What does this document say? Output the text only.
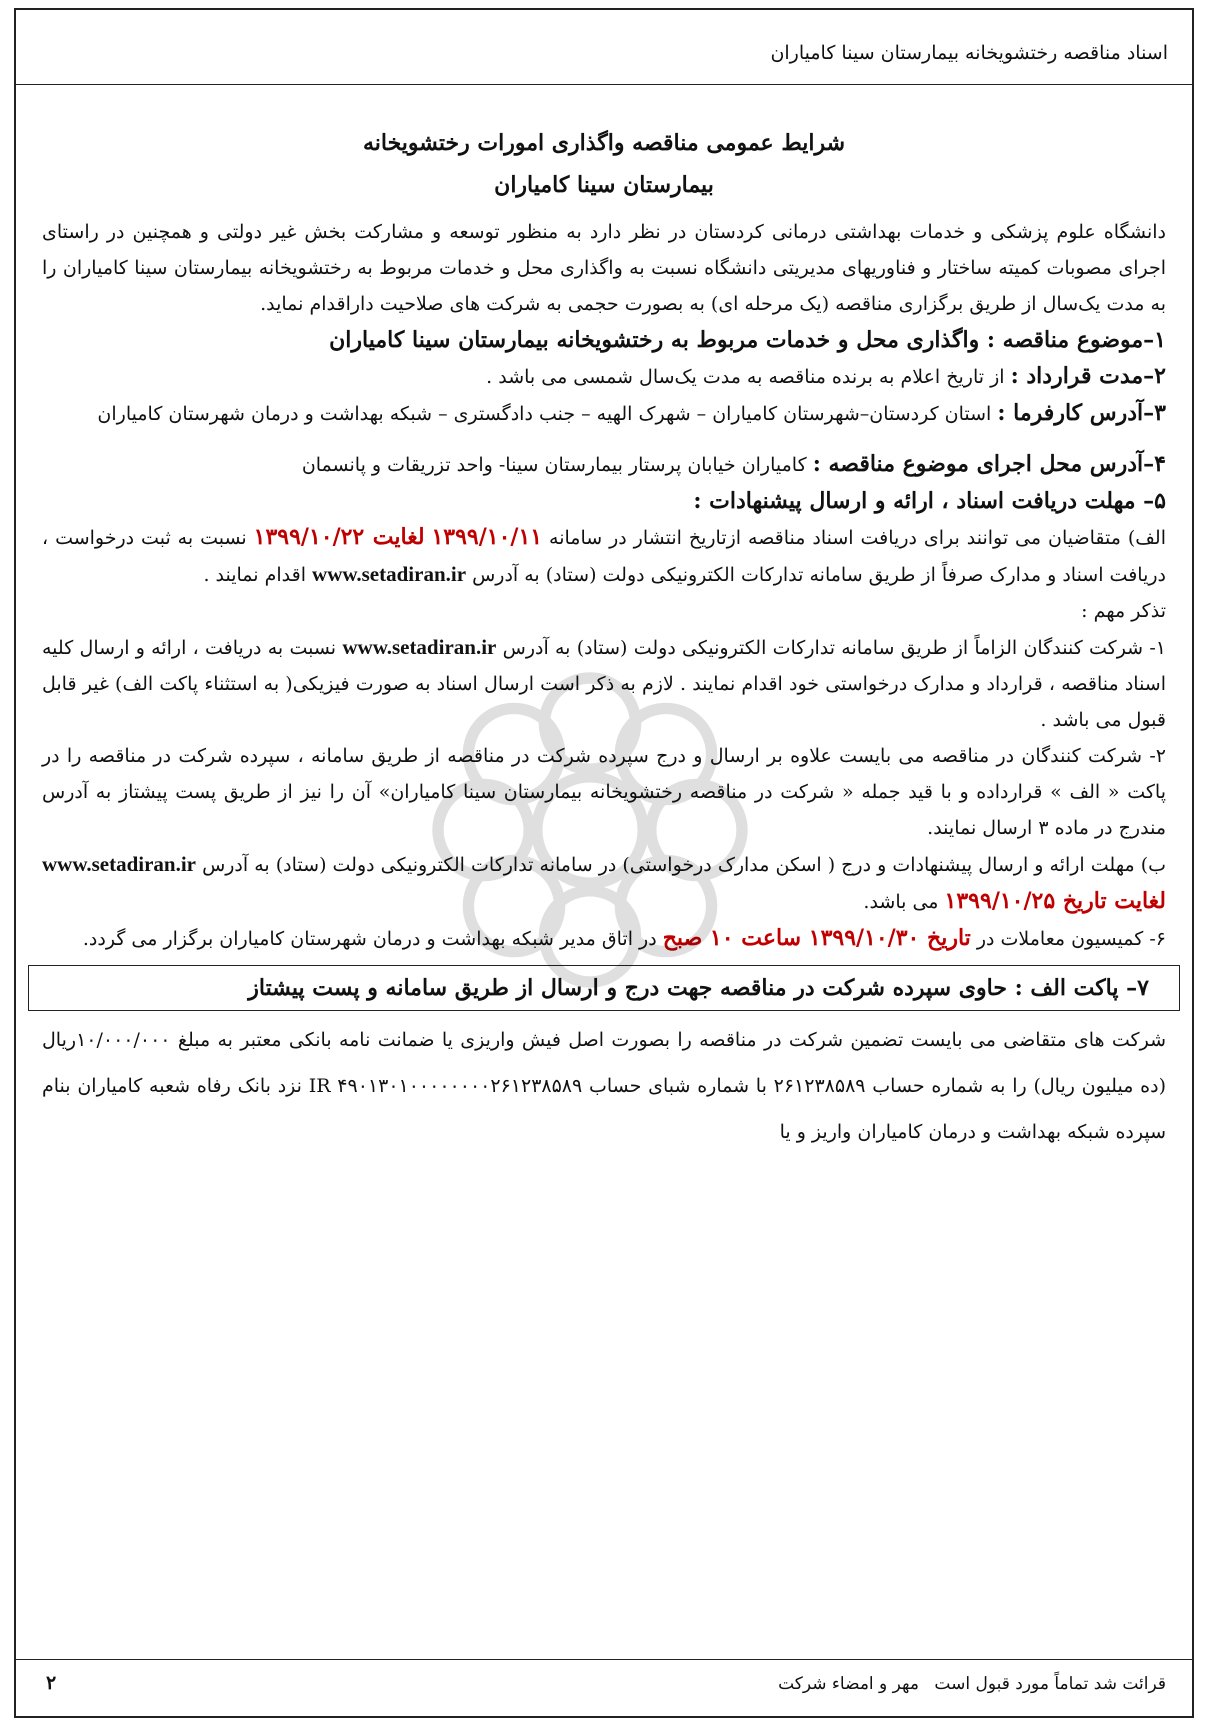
اسناد مناقصه رختشویخانه بیمارستان سینا کامیاران
شرایط عمومی مناقصه واگذاری امورات رختشویخانه
بیمارستان سینا کامیاران

دانشگاه علوم پزشکی و خدمات بهداشتی درمانی کردستان در نظر دارد به منظور توسعه و مشارکت بخش غیر دولتی و همچنین در راستای اجرای مصوبات کمیته ساختار و فناوریهای مدیریتی دانشگاه نسبت به واگذاری محل و خدمات مربوط به رختشویخانه بیمارستان سینا کامیاران را به مدت یک‌سال از طریق برگزاری مناقصه (یک مرحله ای) به بصورت حجمی به شرکت های صلاحیت داراقدام نماید.

۱–موضوع مناقصه : واگذاری محل و خدمات مربوط به رختشویخانه بیمارستان سینا کامیاران

۲–مدت قرارداد : از تاریخ اعلام به برنده مناقصه به مدت یک‌سال شمسی می باشد .

۳–آدرس کارفرما : استان کردستان–شهرستان کامیاران – شهرک الهیه – جنب دادگستری – شبکه بهداشت و درمان شهرستان کامیاران

۴–آدرس محل اجرای موضوع مناقصه : کامیاران خیابان پرستار بیمارستان سینا- واحد تزریقات و پانسمان

۵– مهلت دریافت اسناد ، ارائه و ارسال پیشنهادات :

الف) متقاضیان می توانند برای دریافت اسناد مناقصه ازتاریخ انتشار در سامانه ۱۳۹۹/۱۰/۱۱ لغایت ۱۳۹۹/۱۰/۲۲ نسبت به ثبت درخواست ، دریافت اسناد و مدارک صرفاً از طریق سامانه تدارکات الکترونیکی دولت (ستاد) به آدرس www.setadiran.ir اقدام نمایند .

تذکر مهم :

۱- شرکت کنندگان الزاماً از طریق سامانه تدارکات الکترونیکی دولت (ستاد) به آدرس www.setadiran.ir نسبت به دریافت ، ارائه و ارسال کلیه اسناد مناقصه ، قرارداد و مدارک درخواستی خود اقدام نمایند . لازم به ذکر است ارسال اسناد به صورت فیزیکی( به استثناء پاکت الف) غیر قابل قبول می باشد .

۲- شرکت کنندگان در مناقصه می بایست علاوه بر ارسال و درج سپرده شرکت در مناقصه از طریق سامانه ، سپرده شرکت در مناقصه را در پاکت « الف » قرارداده و با قید جمله « شرکت در مناقصه رختشویخانه بیمارستان سینا کامیاران» آن را نیز از طریق پست پیشتاز به آدرس مندرج در ماده ۳ ارسال نمایند.

ب) مهلت ارائه و ارسال پیشنهادات و درج ( اسکن مدارک درخواستی) در سامانه تدارکات الکترونیکی دولت (ستاد) به آدرس www.setadiran.ir لغایت تاریخ ۱۳۹۹/۱۰/۲۵ می باشد.

۶- کمیسیون معاملات در تاریخ ۱۳۹۹/۱۰/۳۰ ساعت ۱۰ صبح در اتاق مدیر شبکه بهداشت و درمان شهرستان کامیاران برگزار می گردد.

۷– پاکت الف : حاوی سپرده شرکت در مناقصه جهت درج و ارسال از طریق سامانه و پست پیشتاز

شرکت های متقاضی می بایست تضمین شرکت در مناقصه را بصورت اصل فیش واریزی یا ضمانت نامه بانکی معتبر به مبلغ ۱۰/۰۰۰/۰۰۰ریال (ده میلیون ریال) را به شماره حساب ۲۶۱۲۳۸۵۸۹ با شماره شبای حساب IR ۴۹۰۱۳۰۱۰۰۰۰۰۰۰۰۲۶۱۲۳۸۵۸۹ نزد بانک رفاه شعبه کامیاران بنام سپرده شبکه بهداشت و درمان کامیاران واریز و یا

۲	قرائت شد تماماً مورد قبول است مهر و امضاء شرکت
